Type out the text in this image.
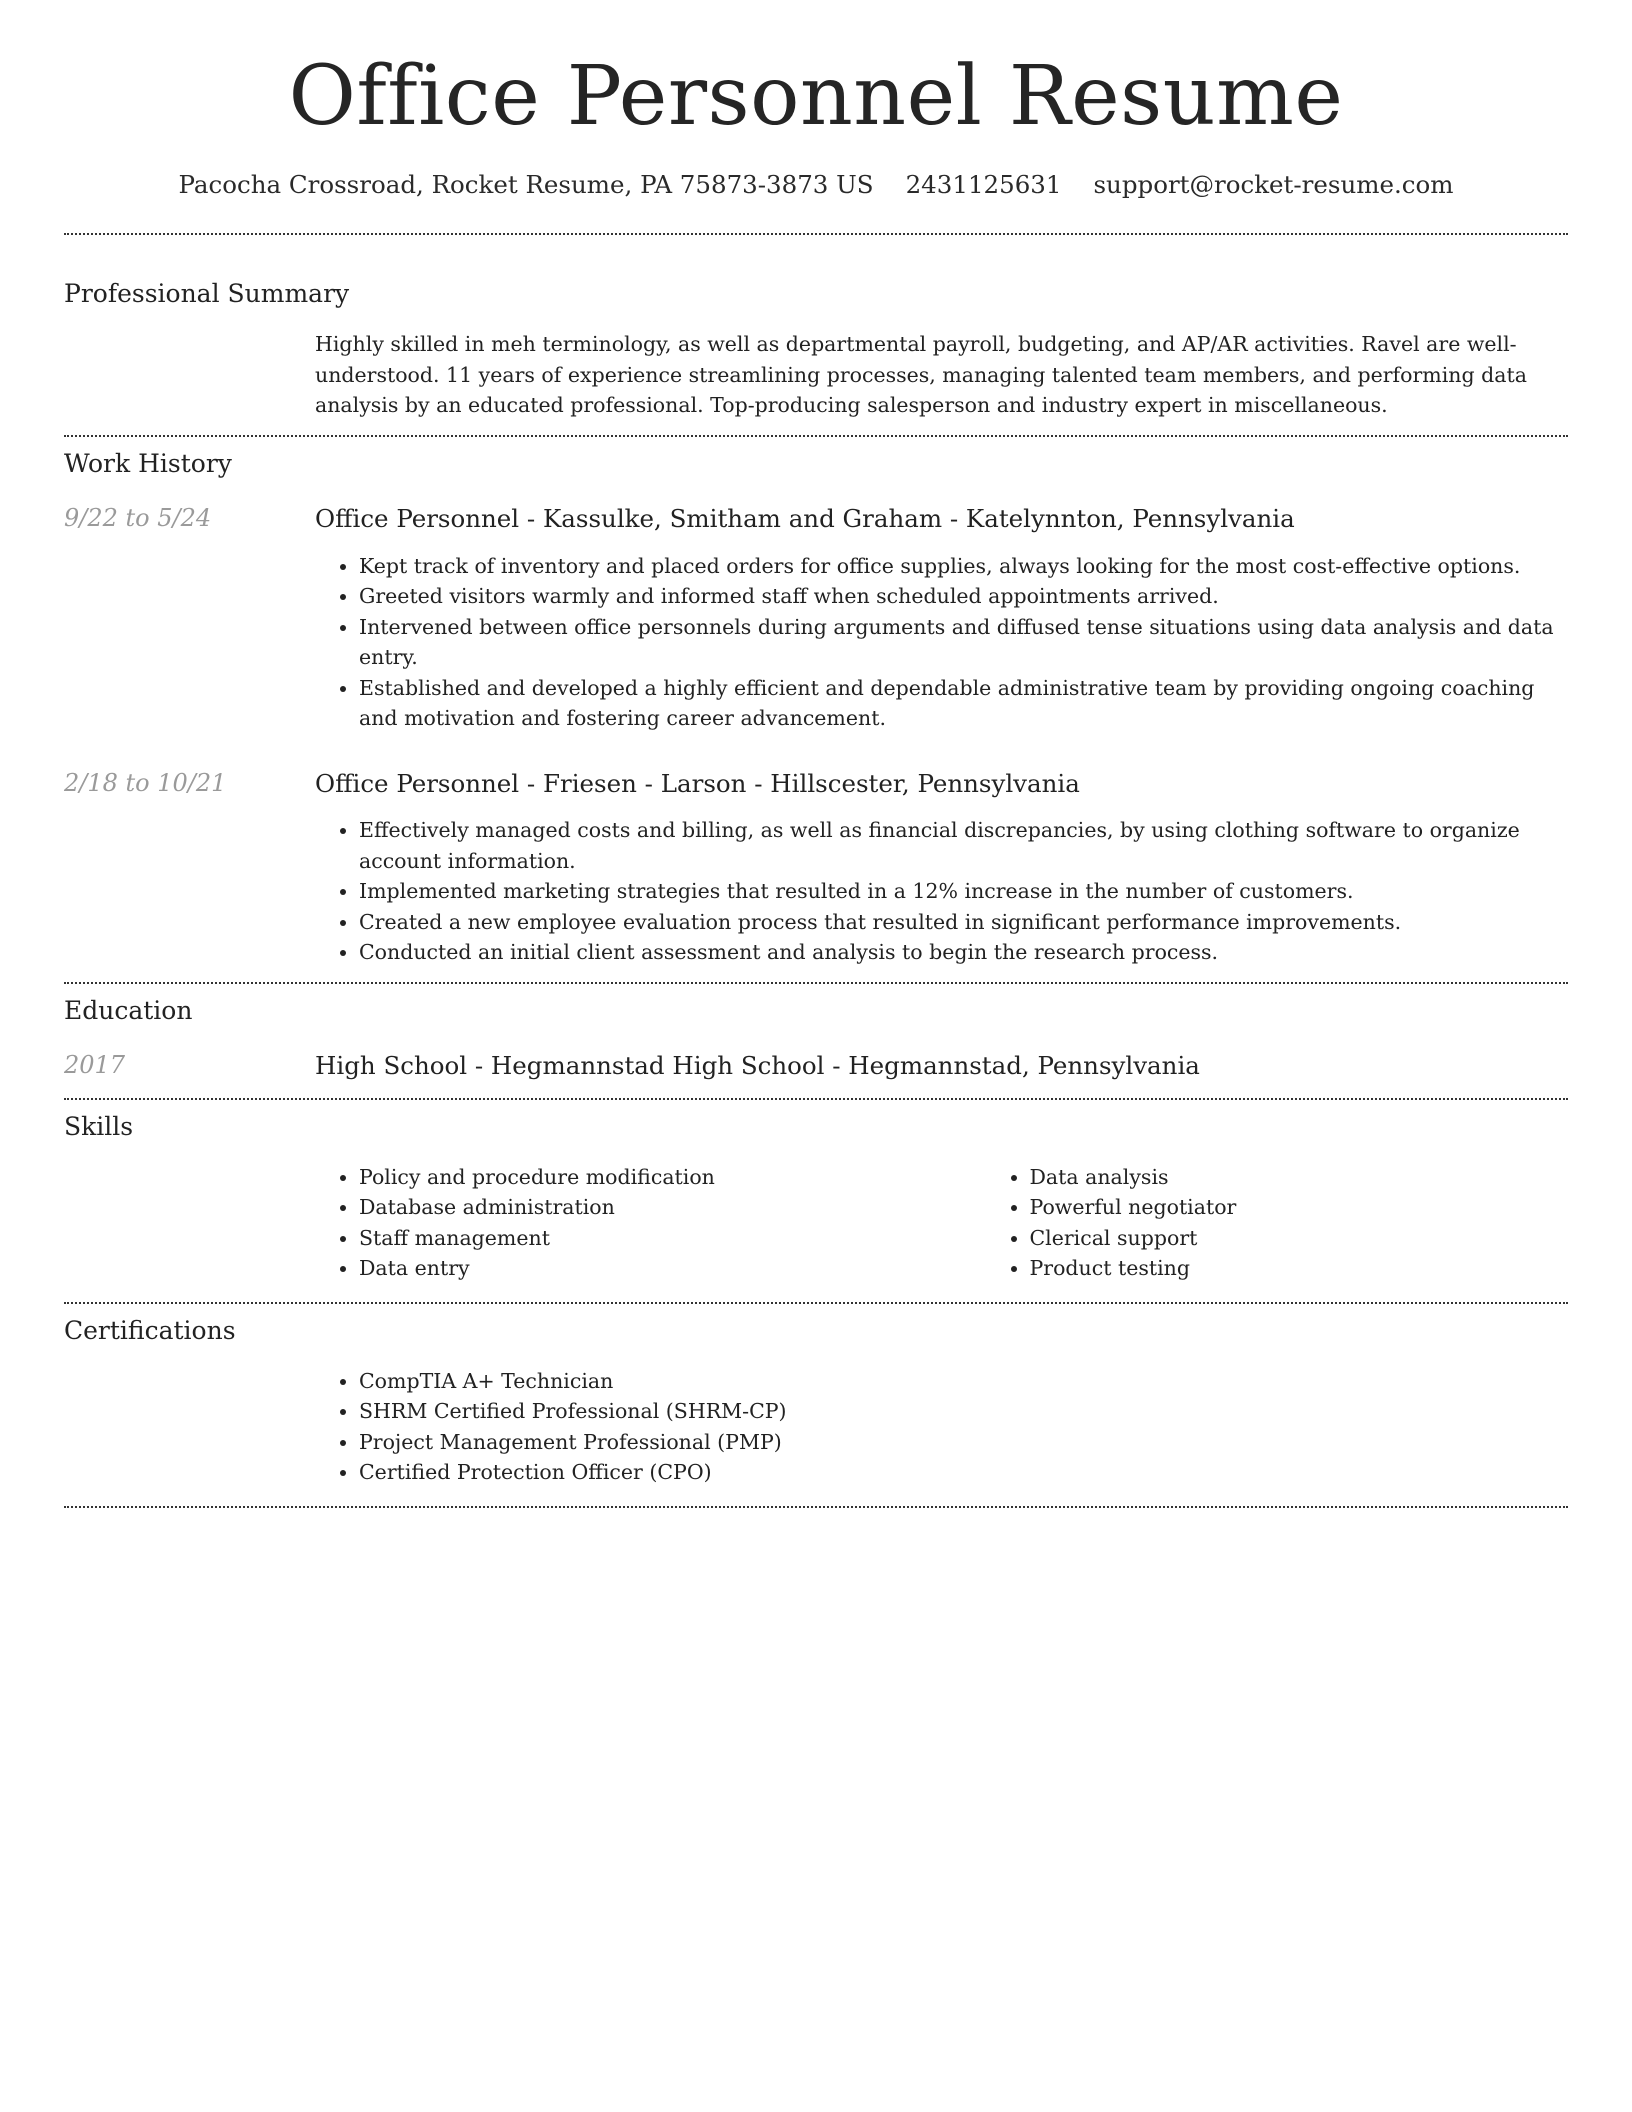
Office Personnel Resume
Pacocha Crossroad, Rocket Resume, PA 75873-3873 US 2431125631 support@rocket-resume.com
Professional Summary

Highly skilled in meh terminology, as well as departmental payroll, budgeting, and AP/AR activities. Ravel are well-understood. 11 years of experience streamlining processes, managing talented team members, and performing data analysis by an educated professional. Top-producing salesperson and industry expert in miscellaneous.

Work History
9/22 to 5/24	Office Personnel - Kassulke, Smitham and Graham - Katelynnton, Pennsylvania
• Kept track of inventory and placed orders for office supplies, always looking for the most cost-effective options.
• Greeted visitors warmly and informed staff when scheduled appointments arrived.
• Intervened between office personnels during arguments and diffused tense situations using data analysis and data entry.
• Established and developed a highly efficient and dependable administrative team by providing ongoing coaching and motivation and fostering career advancement.
2/18 to 10/21	Office Personnel - Friesen - Larson - Hillscester, Pennsylvania
• Effectively managed costs and billing, as well as financial discrepancies, by using clothing software to organize account information.
• Implemented marketing strategies that resulted in a 12% increase in the number of customers.
• Created a new employee evaluation process that resulted in significant performance improvements.
• Conducted an initial client assessment and analysis to begin the research process.
Education
2017	High School - Hegmannstad High School - Hegmannstad, Pennsylvania
Skills
• Policy and procedure modification
• Database administration
• Staff management
• Data entry
• Data analysis
• Powerful negotiator
• Clerical support
• Product testing
Certifications
• CompTIA A+ Technician
• SHRM Certified Professional (SHRM-CP)
• Project Management Professional (PMP)
• Certified Protection Officer (CPO)
